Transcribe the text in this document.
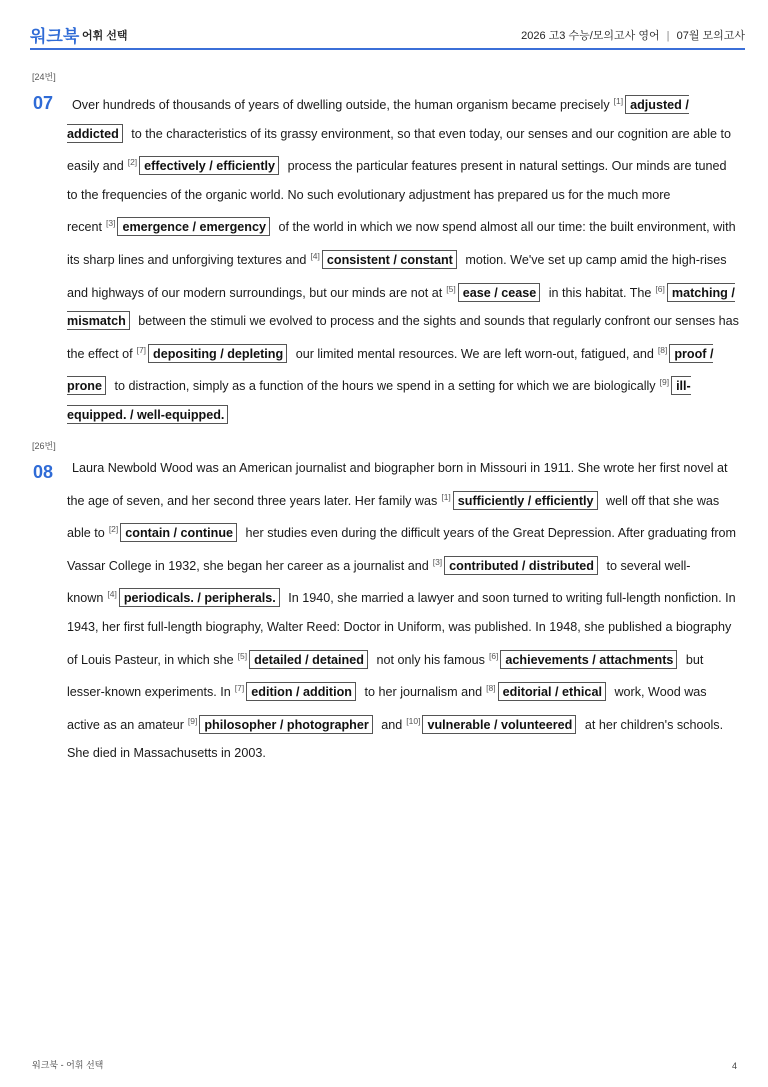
워크북 어휘 선택	2026 고3 수능/모의고사 영어 | 07월 모의고사
[24번]
07	Over hundreds of thousands of years of dwelling outside, the human organism became precisely [1] adjusted / addicted to the characteristics of its grassy environment, so that even today, our senses and our cognition are able to easily and [2] effectively / efficiently process the particular features present in natural settings. Our minds are tuned to the frequencies of the organic world. No such evolutionary adjustment has prepared us for the much more recent [3] emergence / emergency of the world in which we now spend almost all our time: the built environment, with its sharp lines and unforgiving textures and [4] consistent / constant motion. We've set up camp amid the high-rises and highways of our modern surroundings, but our minds are not at [5] ease / cease in this habitat. The [6] matching / mismatch between the stimuli we evolved to process and the sights and sounds that regularly confront our senses has the effect of [7] depositing / depleting our limited mental resources. We are left worn-out, fatigued, and [8] proof / prone to distraction, simply as a function of the hours we spend in a setting for which we are biologically [9] ill-equipped. / well-equipped.
[26번]
08	Laura Newbold Wood was an American journalist and biographer born in Missouri in 1911. She wrote her first novel at the age of seven, and her second three years later. Her family was [1] sufficiently / efficiently well off that she was able to [2] contain / continue her studies even during the difficult years of the Great Depression. After graduating from Vassar College in 1932, she began her career as a journalist and [3] contributed / distributed to several well-known [4] periodicals. / peripherals. In 1940, she married a lawyer and soon turned to writing full-length nonfiction. In 1943, her first full-length biography, Walter Reed: Doctor in Uniform, was published. In 1948, she published a biography of Louis Pasteur, in which she [5] detailed / detained not only his famous [6] achievements / attachments but lesser-known experiments. In [7] edition / addition to her journalism and [8] editorial / ethical work, Wood was active as an amateur [9] philosopher / photographer and [10] vulnerable / volunteered at her children's schools. She died in Massachusetts in 2003.
워크북 - 어휘 선택	4
